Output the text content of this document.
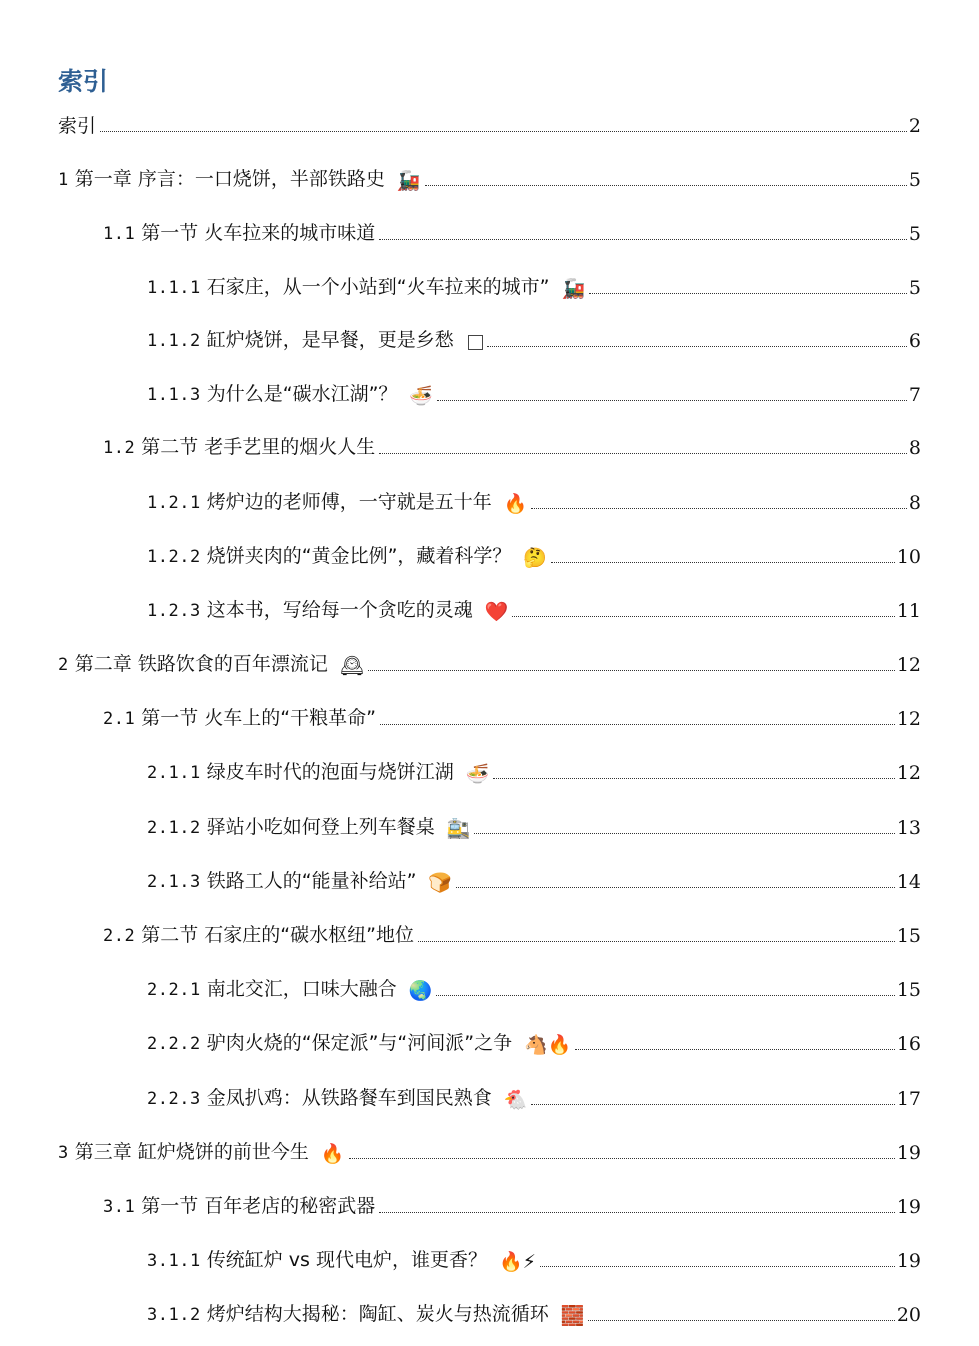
索引
索引	2
1 第一章 序言：一口烧饼，半部铁路史 🚂	5
1.1 第一节 火车拉来的城市味道	5
1.1.1 石家庄，从一个小站到“火车拉来的城市” 🚂	5
1.1.2 缸炉烧饼，是早餐，更是乡愁	6
1.1.3 为什么是“碳水江湖”？ 🍜	7
1.2 第二节 老手艺里的烟火人生	8
1.2.1 烤炉边的老师傅，一守就是五十年 🔥	8
1.2.2 烧饼夹肉的“黄金比例”，藏着科学？ 🤔	10
1.2.3 这本书，写给每一个贪吃的灵魂 ❤️	11
2 第二章 铁路饮食的百年漂流记 🕰	12
2.1 第一节 火车上的“干粮革命”	12
2.1.1 绿皮车时代的泡面与烧饼江湖 🍜	12
2.1.2 驿站小吃如何登上列车餐桌 🚉	13
2.1.3 铁路工人的“能量补给站” 🍞	14
2.2 第二节 石家庄的“碳水枢纽”地位	15
2.2.1 南北交汇，口味大融合 🌏	15
2.2.2 驴肉火烧的“保定派”与“河间派”之争 🐴🔥	16
2.2.3 金凤扒鸡：从铁路餐车到国民熟食 🐔	17
3 第三章 缸炉烧饼的前世今生 🔥	19
3.1 第一节 百年老店的秘密武器	19
3.1.1 传统缸炉 vs 现代电炉，谁更香？ 🔥⚡	19
3.1.2 烤炉结构大揭秘：陶缸、炭火与热流循环 🧱	20
